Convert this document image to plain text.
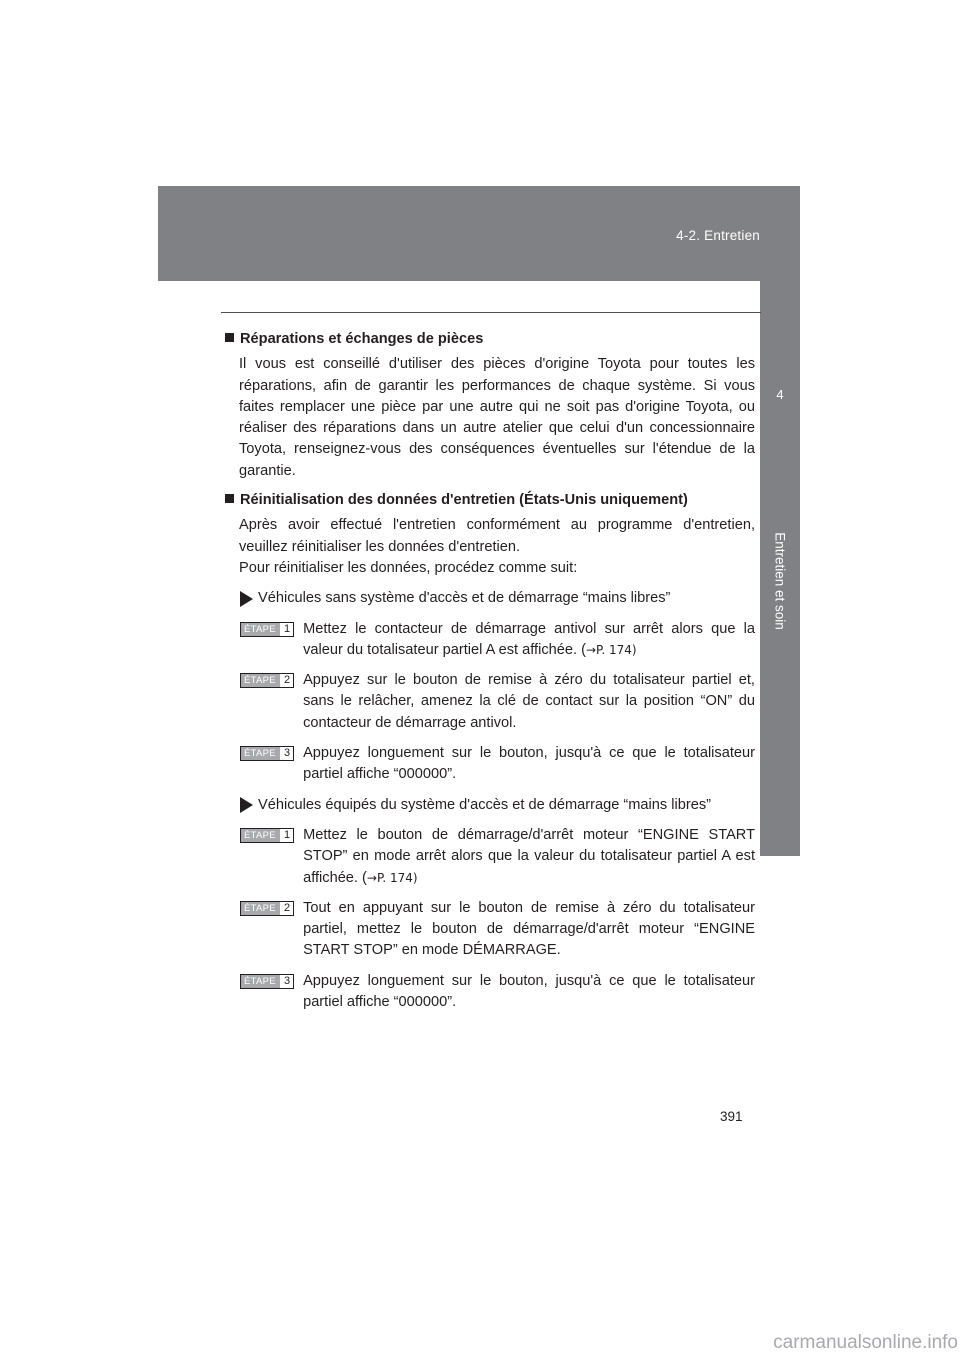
4-2. Entretien
4
Entretien et soin
Réparations et échanges de pièces

Il vous est conseillé d'utiliser des pièces d'origine Toyota pour toutes les réparations, afin de garantir les performances de chaque système. Si vous faites remplacer une pièce par une autre qui ne soit pas d'origine Toyota, ou réaliser des réparations dans un autre atelier que celui d'un concessionnaire Toyota, renseignez-vous des conséquences éventuelles sur l'étendue de la garantie.

Réinitialisation des données d'entretien (États-Unis uniquement)

Après avoir effectué l'entretien conformément au programme d'entretien, veuillez réinitialiser les données d'entretien.

Pour réinitialiser les données, procédez comme suit:

Véhicules sans système d'accès et de démarrage “mains libres”
ÉTAPE 1 Mettez le contacteur de démarrage antivol sur arrêt alors que la valeur du totalisateur partiel A est affichée. (→P. 174)

ÉTAPE 2 Appuyez sur le bouton de remise à zéro du totalisateur partiel et, sans le relâcher, amenez la clé de contact sur la position “ON” du contacteur de démarrage antivol.

ÉTAPE 3 Appuyez longuement sur le bouton, jusqu'à ce que le totalisateur partiel affiche “000000”.

Véhicules équipés du système d'accès et de démarrage “mains libres”
ÉTAPE 1 Mettez le bouton de démarrage/d'arrêt moteur “ENGINE START STOP” en mode arrêt alors que la valeur du totalisateur partiel A est affichée. (→P. 174)

ÉTAPE 2 Tout en appuyant sur le bouton de remise à zéro du totalisateur partiel, mettez le bouton de démarrage/d'arrêt moteur “ENGINE START STOP” en mode DÉMARRAGE.

ÉTAPE 3 Appuyez longuement sur le bouton, jusqu'à ce que le totalisateur partiel affiche “000000”.

391
carmanualsonline.info
